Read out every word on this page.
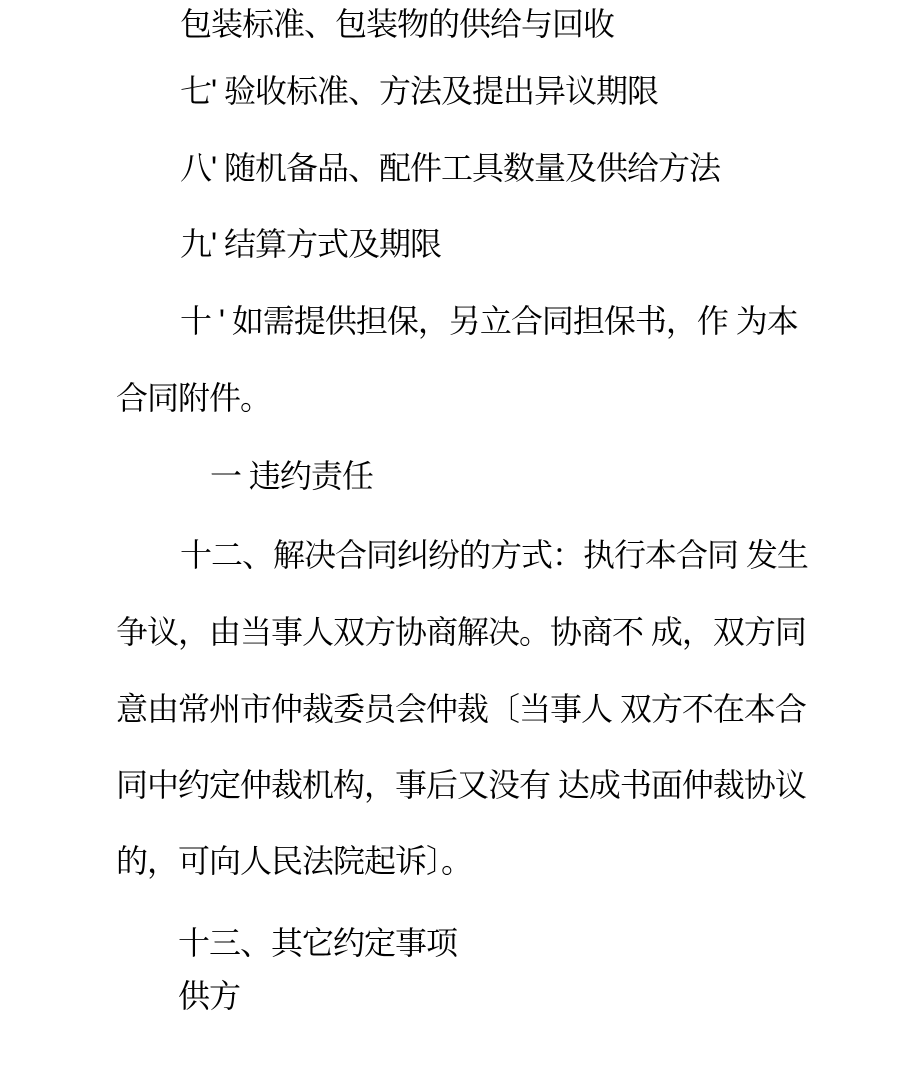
包装标准、包装物的供给与回收
七' 验收标准、方法及提出异议期限
八' 随机备品、配件工具数量及供给方法
九' 结算方式及期限
十 ' 如需提供担保，另立合同担保书，作 为本
合同附件。
一 违约责任
十二、解决合同纠纷的方式：执行本合同 发生
争议，由当事人双方协商解决。协商不 成，双方同
意由常州市仲裁委员会仲裁〔当事人 双方不在本合
同中约定仲裁机构，事后又没有 达成书面仲裁协议
的，可向人民法院起诉〕。
十三、其它约定事项
供方
